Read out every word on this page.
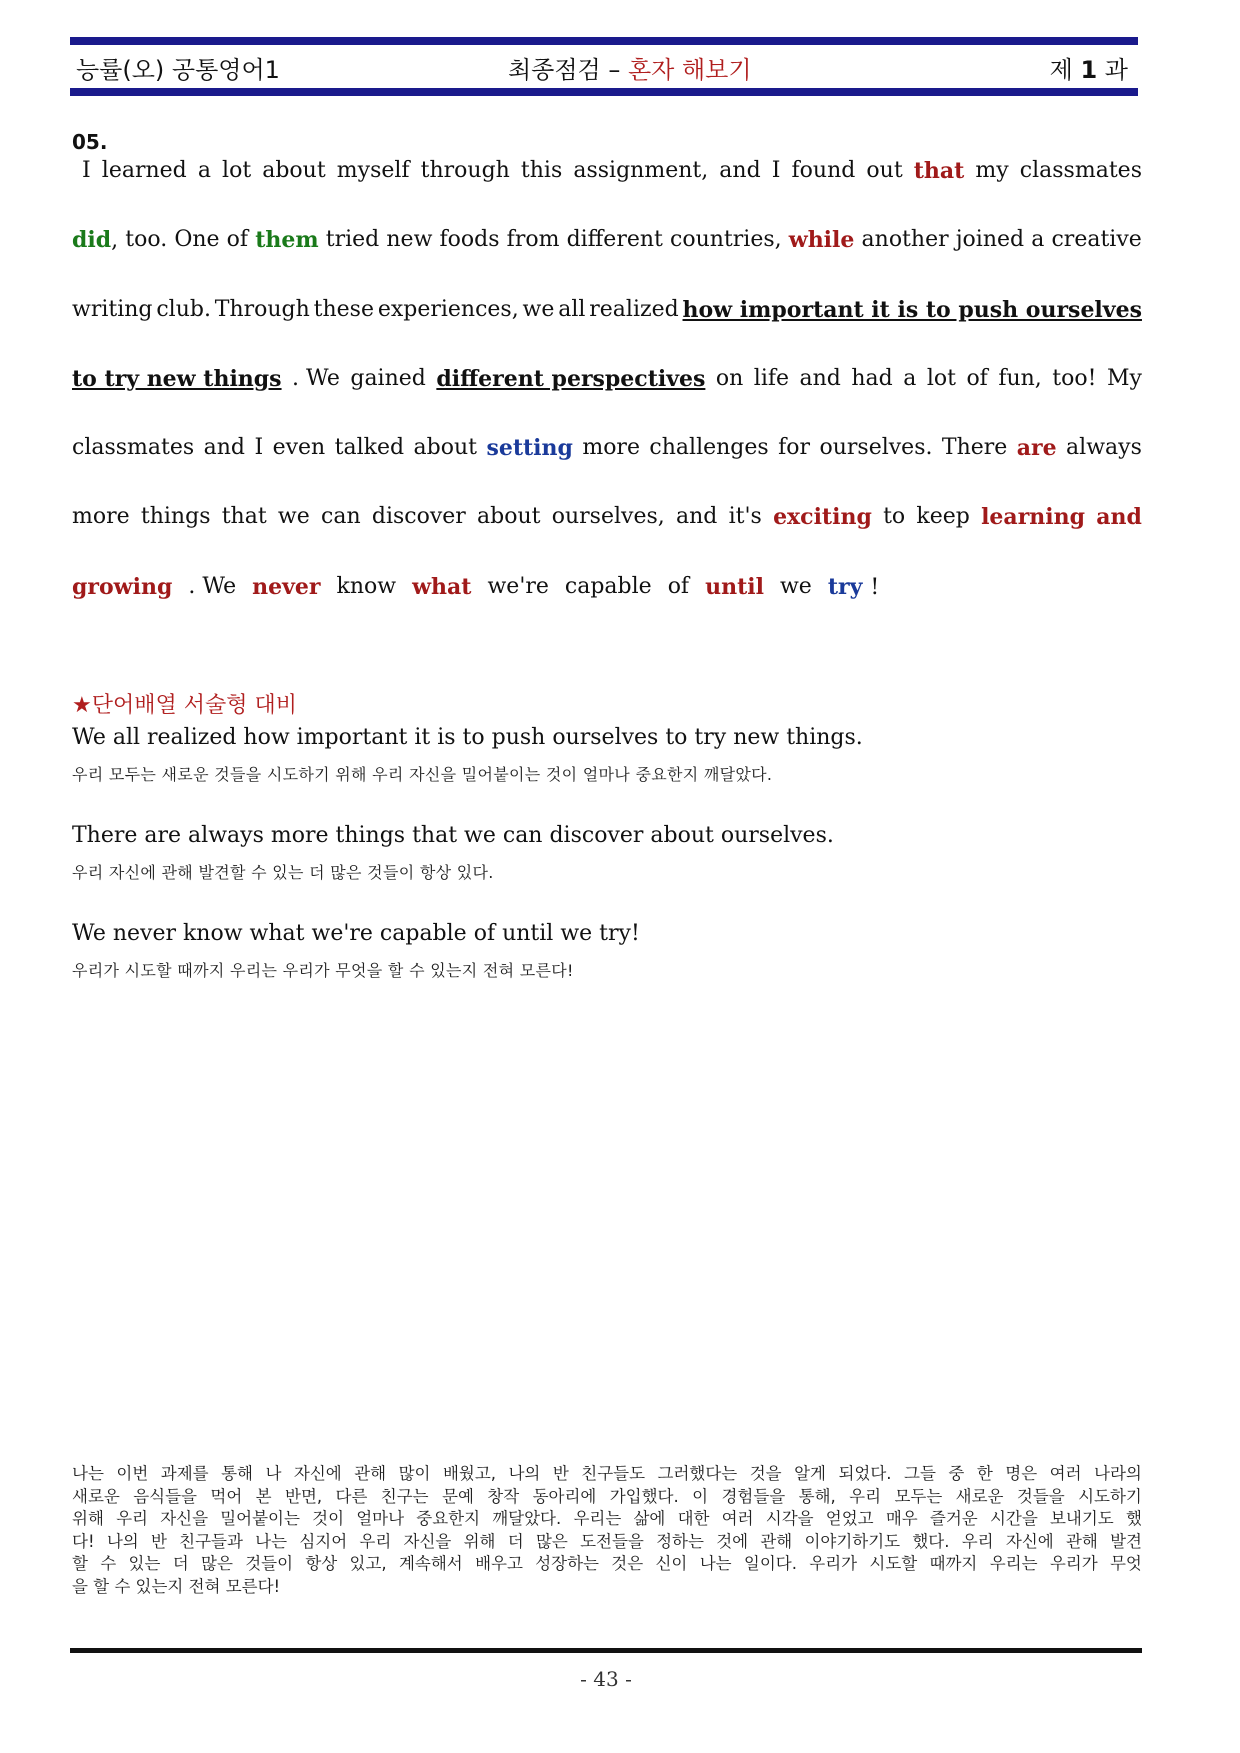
능률(오) 공통영어1	최종점검 – 혼자 해보기	제 1 과
05.
I learned a lot about myself through this assignment, and I found out that my classmates
did, too. One of them tried new foods from different countries, while another joined a creative
writing club. Through these experiences, we all realized how important it is to push ourselves
to try new things . We gained different perspectives on life and had a lot of fun, too! My
classmates and I even talked about setting more challenges for ourselves. There are always
more things that we can discover about ourselves, and it's exciting to keep learning and
growing . We never know what we're capable of until we try !
★단어배열 서술형 대비
We all realized how important it is to push ourselves to try new things.
우리 모두는 새로운 것들을 시도하기 위해 우리 자신을 밀어붙이는 것이 얼마나 중요한지 깨달았다.
There are always more things that we can discover about ourselves.
우리 자신에 관해 발견할 수 있는 더 많은 것들이 항상 있다.
We never know what we're capable of until we try!
우리가 시도할 때까지 우리는 우리가 무엇을 할 수 있는지 전혀 모른다!
나는 이번 과제를 통해 나 자신에 관해 많이 배웠고, 나의 반 친구들도 그러했다는 것을 알게 되었다. 그들 중 한 명은 여러 나라의
새로운 음식들을 먹어 본 반면, 다른 친구는 문예 창작 동아리에 가입했다. 이 경험들을 통해, 우리 모두는 새로운 것들을 시도하기
위해 우리 자신을 밀어붙이는 것이 얼마나 중요한지 깨달았다. 우리는 삶에 대한 여러 시각을 얻었고 매우 즐거운 시간을 보내기도 했
다! 나의 반 친구들과 나는 심지어 우리 자신을 위해 더 많은 도전들을 정하는 것에 관해 이야기하기도 했다. 우리 자신에 관해 발견
할 수 있는 더 많은 것들이 항상 있고, 계속해서 배우고 성장하는 것은 신이 나는 일이다. 우리가 시도할 때까지 우리는 우리가 무엇
을 할 수 있는지 전혀 모른다!
- 43 -
